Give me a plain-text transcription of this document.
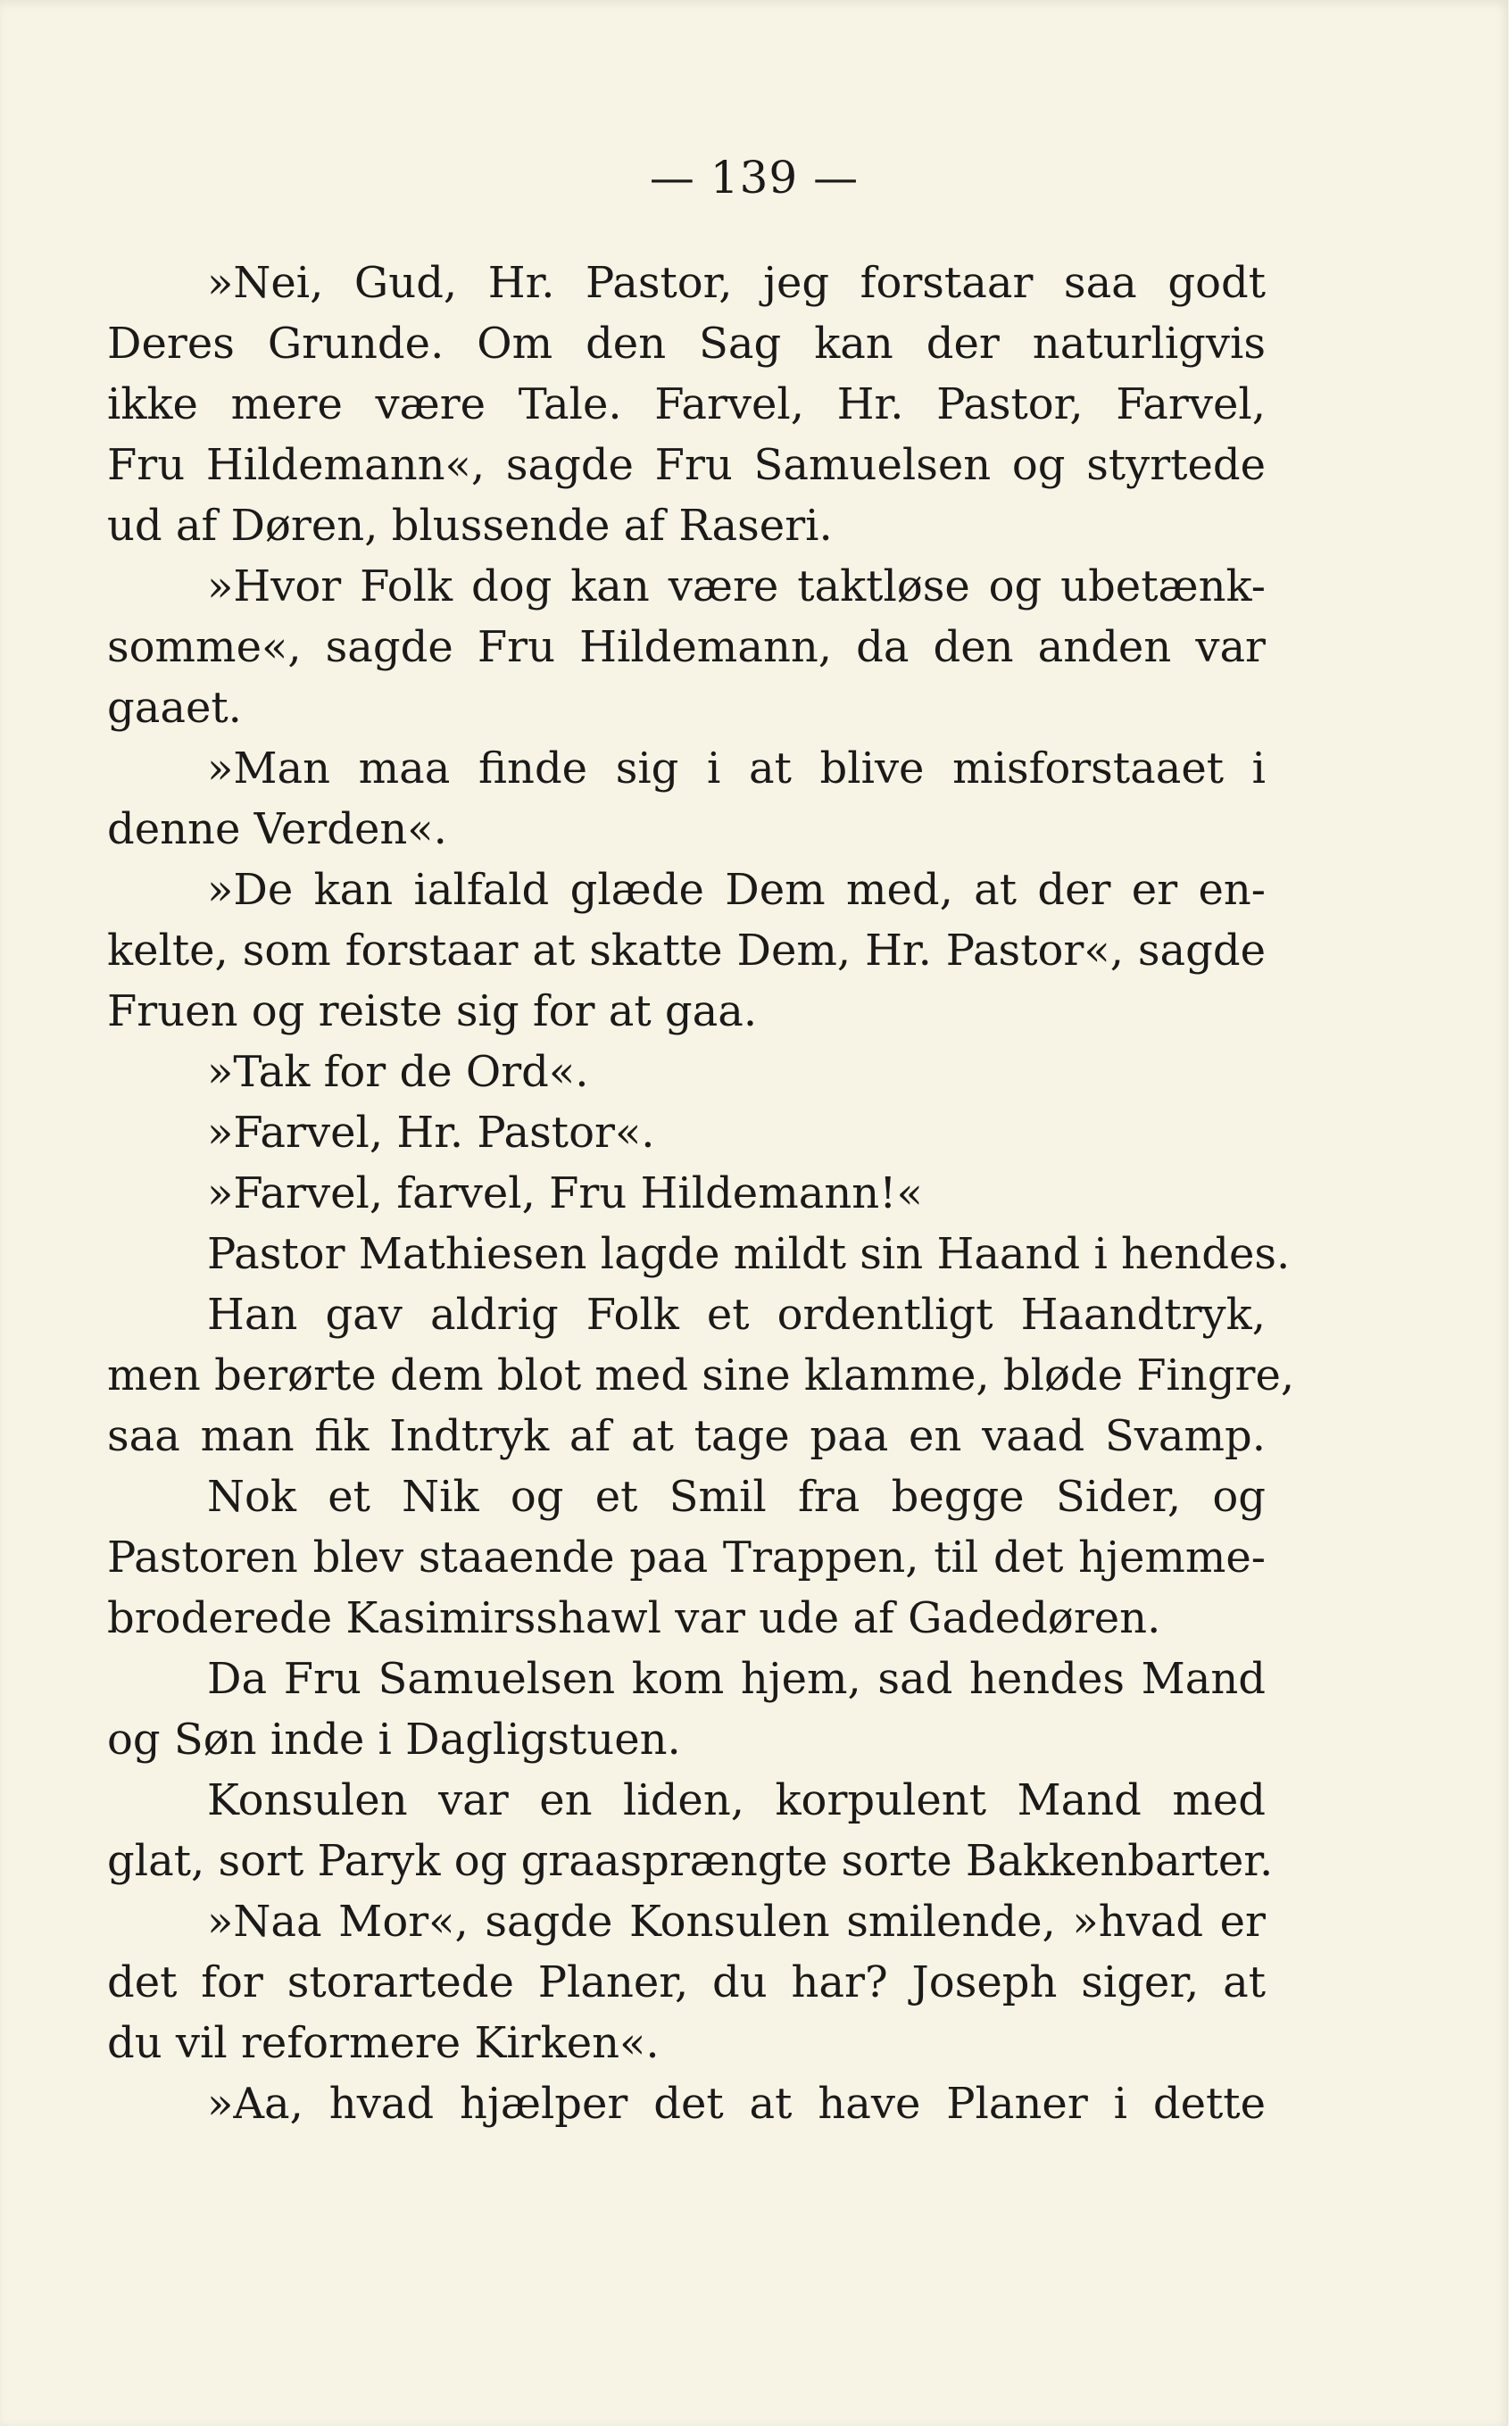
— 139 —
»Nei, Gud, Hr. Pastor, jeg forstaar saa godt
Deres Grunde. Om den Sag kan der naturligvis
ikke mere være Tale. Farvel, Hr. Pastor, Farvel,
Fru Hildemann«, sagde Fru Samuelsen og styrtede
ud af Døren, blussende af Raseri.
»Hvor Folk dog kan være taktløse og ubetænk-
somme«, sagde Fru Hildemann, da den anden var
gaaet.
»Man maa finde sig i at blive misforstaaet i
denne Verden«.
»De kan ialfald glæde Dem med, at der er en-
kelte, som forstaar at skatte Dem, Hr. Pastor«, sagde
Fruen og reiste sig for at gaa.
»Tak for de Ord«.
»Farvel, Hr. Pastor«.
»Farvel, farvel, Fru Hildemann!«
Pastor Mathiesen lagde mildt sin Haand i hendes.
Han gav aldrig Folk et ordentligt Haandtryk,
men berørte dem blot med sine klamme, bløde Fingre,
saa man fik Indtryk af at tage paa en vaad Svamp.
Nok et Nik og et Smil fra begge Sider, og
Pastoren blev staaende paa Trappen, til det hjemme-
broderede Kasimirsshawl var ude af Gadedøren.
Da Fru Samuelsen kom hjem, sad hendes Mand
og Søn inde i Dagligstuen.
Konsulen var en liden, korpulent Mand med
glat, sort Paryk og graasprængte sorte Bakkenbarter.
»Naa Mor«, sagde Konsulen smilende, »hvad er
det for storartede Planer, du har? Joseph siger, at
du vil reformere Kirken«.
»Aa, hvad hjælper det at have Planer i dette
